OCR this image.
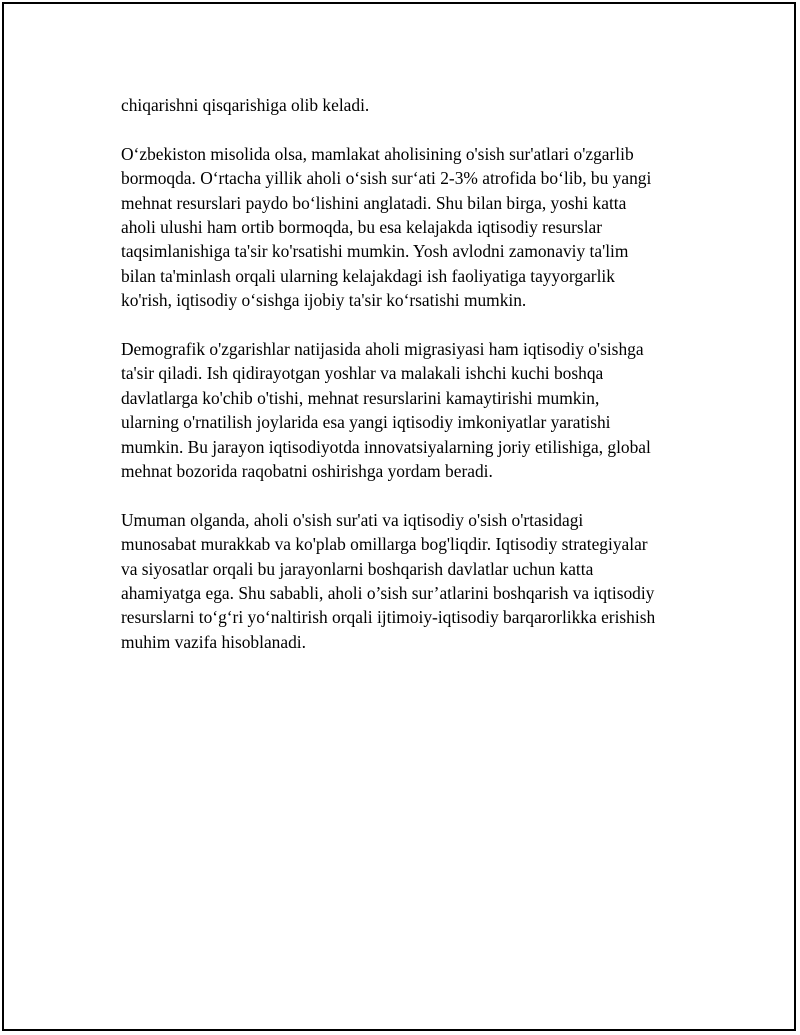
chiqarishni qisqarishiga olib keladi.

O‘zbekiston misolida olsa, mamlakat aholisining o'sish sur'atlari o'zgarlib
bormoqda. O‘rtacha yillik aholi o‘sish sur‘ati 2-3% atrofida bo‘lib, bu yangi
mehnat resurslari paydo bo‘lishini anglatadi. Shu bilan birga, yoshi katta
aholi ulushi ham ortib bormoqda, bu esa kelajakda iqtisodiy resurslar
taqsimlanishiga ta'sir ko'rsatishi mumkin. Yosh avlodni zamonaviy ta'lim
bilan ta'minlash orqali ularning kelajakdagi ish faoliyatiga tayyorgarlik
ko'rish, iqtisodiy o‘sishga ijobiy ta'sir ko‘rsatishi mumkin.

Demografik o'zgarishlar natijasida aholi migrasiyasi ham iqtisodiy o'sishga
ta'sir qiladi. Ish qidirayotgan yoshlar va malakali ishchi kuchi boshqa
davlatlarga ko'chib o'tishi, mehnat resurslarini kamaytirishi mumkin,
ularning o'rnatilish joylarida esa yangi iqtisodiy imkoniyatlar yaratishi
mumkin. Bu jarayon iqtisodiyotda innovatsiyalarning joriy etilishiga, global
mehnat bozorida raqobatni oshirishga yordam beradi.

Umuman olganda, aholi o'sish sur'ati va iqtisodiy o'sish o'rtasidagi
munosabat murakkab va ko'plab omillarga bog'liqdir. Iqtisodiy strategiyalar
va siyosatlar orqali bu jarayonlarni boshqarish davlatlar uchun katta
ahamiyatga ega. Shu sababli, aholi o’sish sur’atlarini boshqarish va iqtisodiy
resurslarni to‘g‘ri yo‘naltirish orqali ijtimoiy-iqtisodiy barqarorlikka erishish
muhim vazifa hisoblanadi.
